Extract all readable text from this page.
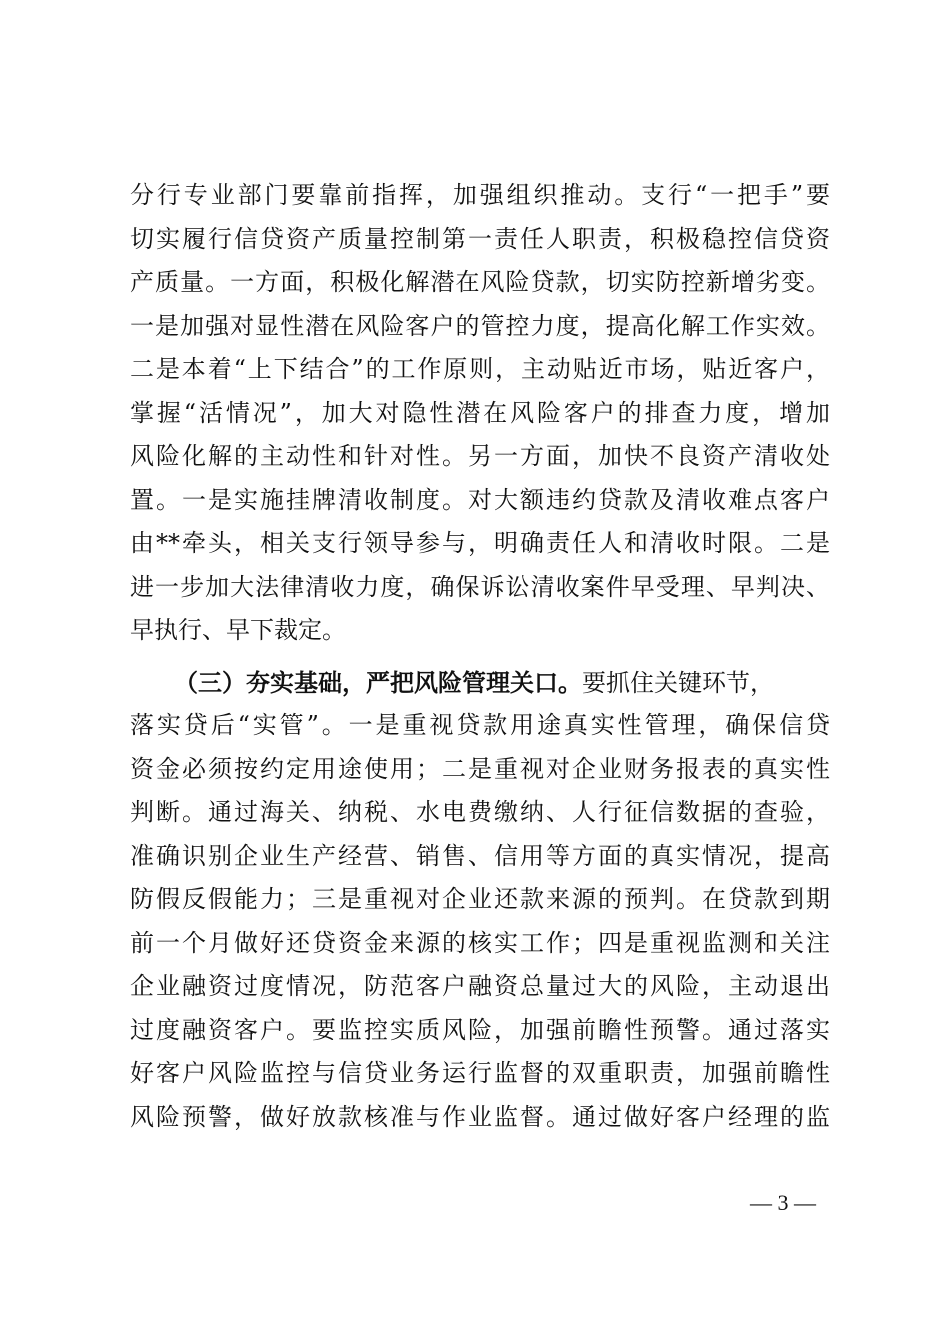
分行专业部门要靠前指挥，加强组织推动。支行“一把手”要
切实履行信贷资产质量控制第一责任人职责，积极稳控信贷资
产质量。一方面，积极化解潜在风险贷款，切实防控新增劣变。
一是加强对显性潜在风险客户的管控力度，提高化解工作实效。
二是本着“上下结合”的工作原则，主动贴近市场，贴近客户，
掌握“活情况”，加大对隐性潜在风险客户的排查力度，增加
风险化解的主动性和针对性。另一方面，加快不良资产清收处
置。一是实施挂牌清收制度。对大额违约贷款及清收难点客户
由**牵头，相关支行领导参与，明确责任人和清收时限。二是
进一步加大法律清收力度，确保诉讼清收案件早受理、早判决、
早执行、早下裁定。
（三）夯实基础，严把风险管理关口。要抓住关键环节，
落实贷后“实管”。一是重视贷款用途真实性管理，确保信贷
资金必须按约定用途使用；二是重视对企业财务报表的真实性
判断。通过海关、纳税、水电费缴纳、人行征信数据的查验，
准确识别企业生产经营、销售、信用等方面的真实情况，提高
防假反假能力；三是重视对企业还款来源的预判。在贷款到期
前一个月做好还贷资金来源的核实工作；四是重视监测和关注
企业融资过度情况，防范客户融资总量过大的风险，主动退出
过度融资客户。要监控实质风险，加强前瞻性预警。通过落实
好客户风险监控与信贷业务运行监督的双重职责，加强前瞻性
风险预警，做好放款核准与作业监督。通过做好客户经理的监
— 3 —
